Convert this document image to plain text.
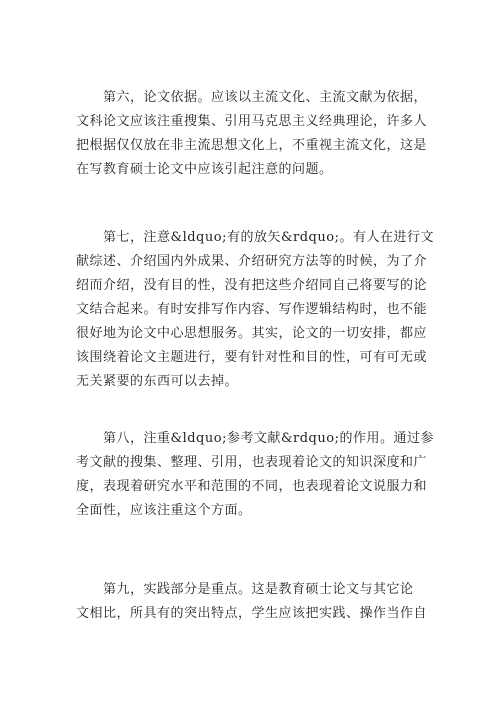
　　第六，论文依据。应该以主流文化、主流文献为依据，
文科论文应该注重搜集、引用马克思主义经典理论，许多人
把根据仅仅放在非主流思想文化上，不重视主流文化，这是
在写教育硕士论文中应该引起注意的问题。
　　第七，注意&ldquo;有的放矢&rdquo;。有人在进行文
献综述、介绍国内外成果、介绍研究方法等的时候，为了介
绍而介绍，没有目的性，没有把这些介绍同自己将要写的论
文结合起来。有时安排写作内容、写作逻辑结构时，也不能
很好地为论文中心思想服务。其实，论文的一切安排，都应
该围绕着论文主题进行，要有针对性和目的性，可有可无或
无关紧要的东西可以去掉。
　　第八，注重&ldquo;参考文献&rdquo;的作用。通过参
考文献的搜集、整理、引用，也表现着论文的知识深度和广
度，表现着研究水平和范围的不同，也表现着论文说服力和
全面性，应该注重这个方面。
　　第九，实践部分是重点。这是教育硕士论文与其它论
文相比，所具有的突出特点，学生应该把实践、操作当作自
